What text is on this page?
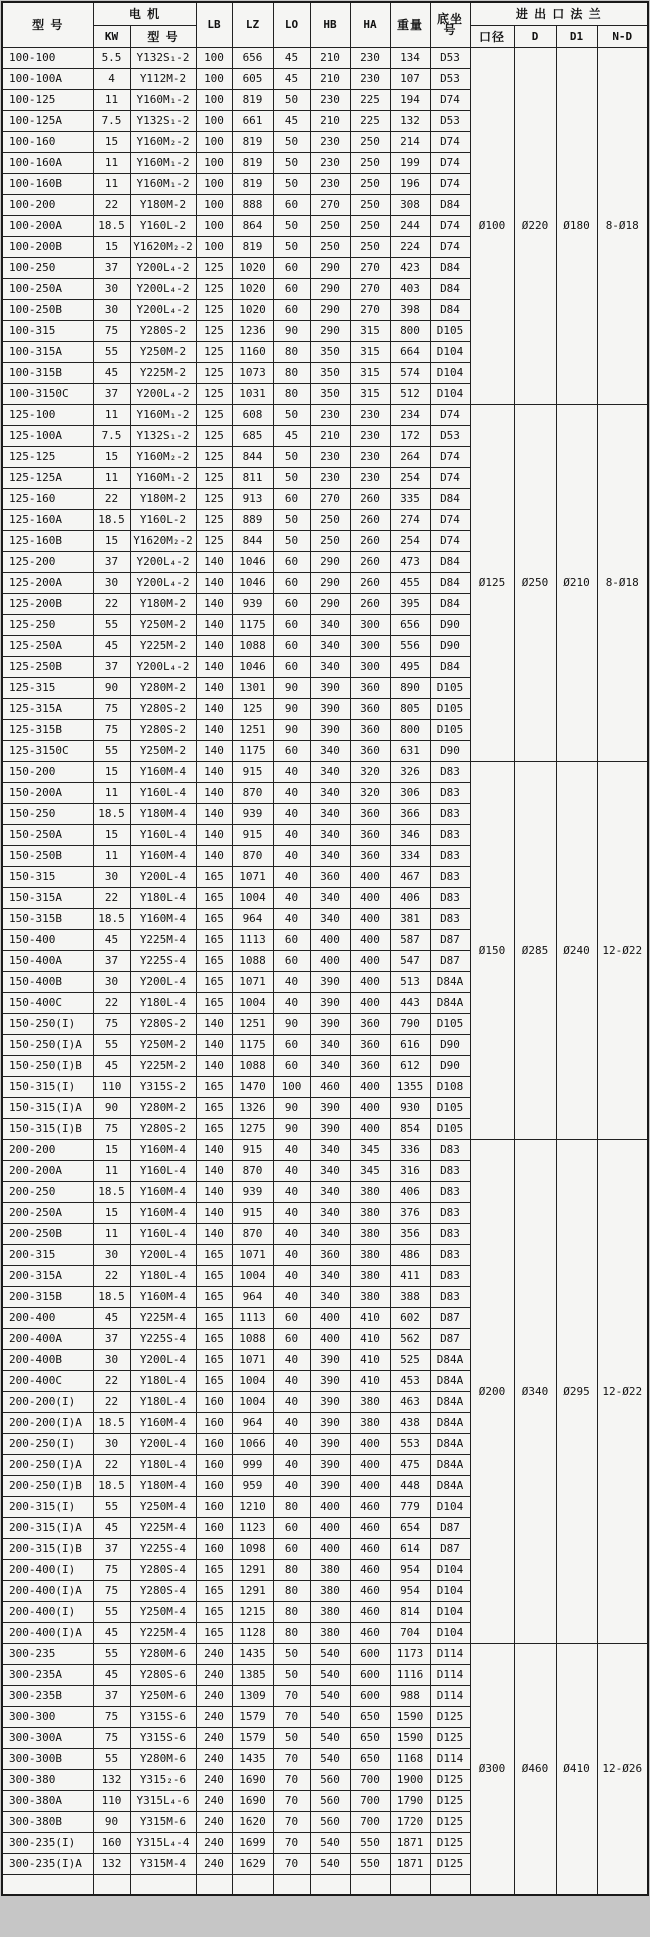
型 号	电 机		LB	LZ	LO	HB	HA	重量	底坐
号	进 出 口 法 兰			
	KW	型 号								口径	D	D1	N-D
100-100	5.5	Y132S₁-2	100	656	45	210	230	134	D53	Ø100	Ø220	Ø180	8-Ø18
100-100A	4	Y112M-2	100	605	45	210	230	107	D53				
100-125	11	Y160M₁-2	100	819	50	230	225	194	D74				
100-125A	7.5	Y132S₁-2	100	661	45	210	225	132	D53				
100-160	15	Y160M₂-2	100	819	50	230	250	214	D74				
100-160A	11	Y160M₁-2	100	819	50	230	250	199	D74				
100-160B	11	Y160M₁-2	100	819	50	230	250	196	D74				
100-200	22	Y180M-2	100	888	60	270	250	308	D84				
100-200A	18.5	Y160L-2	100	864	50	250	250	244	D74				
100-200B	15	Y1620M₂-2	100	819	50	250	250	224	D74				
100-250	37	Y200L₄-2	125	1020	60	290	270	423	D84				
100-250A	30	Y200L₄-2	125	1020	60	290	270	403	D84				
100-250B	30	Y200L₄-2	125	1020	60	290	270	398	D84				
100-315	75	Y280S-2	125	1236	90	290	315	800	D105				
100-315A	55	Y250M-2	125	1160	80	350	315	664	D104				
100-315B	45	Y225M-2	125	1073	80	350	315	574	D104				
100-3150C	37	Y200L₄-2	125	1031	80	350	315	512	D104				
125-100	11	Y160M₁-2	125	608	50	230	230	234	D74	Ø125	Ø250	Ø210	8-Ø18
125-100A	7.5	Y132S₁-2	125	685	45	210	230	172	D53				
125-125	15	Y160M₂-2	125	844	50	230	230	264	D74				
125-125A	11	Y160M₁-2	125	811	50	230	230	254	D74				
125-160	22	Y180M-2	125	913	60	270	260	335	D84				
125-160A	18.5	Y160L-2	125	889	50	250	260	274	D74				
125-160B	15	Y1620M₂-2	125	844	50	250	260	254	D74				
125-200	37	Y200L₄-2	140	1046	60	290	260	473	D84				
125-200A	30	Y200L₄-2	140	1046	60	290	260	455	D84				
125-200B	22	Y180M-2	140	939	60	290	260	395	D84				
125-250	55	Y250M-2	140	1175	60	340	300	656	D90				
125-250A	45	Y225M-2	140	1088	60	340	300	556	D90				
125-250B	37	Y200L₄-2	140	1046	60	340	300	495	D84				
125-315	90	Y280M-2	140	1301	90	390	360	890	D105				
125-315A	75	Y280S-2	140	125	90	390	360	805	D105				
125-315B	75	Y280S-2	140	1251	90	390	360	800	D105				
125-3150C	55	Y250M-2	140	1175	60	340	360	631	D90				
150-200	15	Y160M-4	140	915	40	340	320	326	D83	Ø150	Ø285	Ø240	12-Ø22
150-200A	11	Y160L-4	140	870	40	340	320	306	D83				
150-250	18.5	Y180M-4	140	939	40	340	360	366	D83				
150-250A	15	Y160L-4	140	915	40	340	360	346	D83				
150-250B	11	Y160M-4	140	870	40	340	360	334	D83				
150-315	30	Y200L-4	165	1071	40	360	400	467	D83				
150-315A	22	Y180L-4	165	1004	40	340	400	406	D83				
150-315B	18.5	Y160M-4	165	964	40	340	400	381	D83				
150-400	45	Y225M-4	165	1113	60	400	400	587	D87				
150-400A	37	Y225S-4	165	1088	60	400	400	547	D87				
150-400B	30	Y200L-4	165	1071	40	390	400	513	D84A				
150-400C	22	Y180L-4	165	1004	40	390	400	443	D84A				
150-250(I)	75	Y280S-2	140	1251	90	390	360	790	D105				
150-250(I)A	55	Y250M-2	140	1175	60	340	360	616	D90				
150-250(I)B	45	Y225M-2	140	1088	60	340	360	612	D90				
150-315(I)	110	Y315S-2	165	1470	100	460	400	1355	D108				
150-315(I)A	90	Y280M-2	165	1326	90	390	400	930	D105				
150-315(I)B	75	Y280S-2	165	1275	90	390	400	854	D105				
200-200	15	Y160M-4	140	915	40	340	345	336	D83	Ø200	Ø340	Ø295	12-Ø22
200-200A	11	Y160L-4	140	870	40	340	345	316	D83				
200-250	18.5	Y160M-4	140	939	40	340	380	406	D83				
200-250A	15	Y160M-4	140	915	40	340	380	376	D83				
200-250B	11	Y160L-4	140	870	40	340	380	356	D83				
200-315	30	Y200L-4	165	1071	40	360	380	486	D83				
200-315A	22	Y180L-4	165	1004	40	340	380	411	D83				
200-315B	18.5	Y160M-4	165	964	40	340	380	388	D83				
200-400	45	Y225M-4	165	1113	60	400	410	602	D87				
200-400A	37	Y225S-4	165	1088	60	400	410	562	D87				
200-400B	30	Y200L-4	165	1071	40	390	410	525	D84A				
200-400C	22	Y180L-4	165	1004	40	390	410	453	D84A				
200-200(I)	22	Y180L-4	160	1004	40	390	380	463	D84A				
200-200(I)A	18.5	Y160M-4	160	964	40	390	380	438	D84A				
200-250(I)	30	Y200L-4	160	1066	40	390	400	553	D84A				
200-250(I)A	22	Y180L-4	160	999	40	390	400	475	D84A				
200-250(I)B	18.5	Y180M-4	160	959	40	390	400	448	D84A				
200-315(I)	55	Y250M-4	160	1210	80	400	460	779	D104				
200-315(I)A	45	Y225M-4	160	1123	60	400	460	654	D87				
200-315(I)B	37	Y225S-4	160	1098	60	400	460	614	D87				
200-400(I)	75	Y280S-4	165	1291	80	380	460	954	D104				
200-400(I)A	75	Y280S-4	165	1291	80	380	460	954	D104				
200-400(I)	55	Y250M-4	165	1215	80	380	460	814	D104				
200-400(I)A	45	Y225M-4	165	1128	80	380	460	704	D104				
300-235	55	Y280M-6	240	1435	50	540	600	1173	D114	Ø300	Ø460	Ø410	12-Ø26
300-235A	45	Y280S-6	240	1385	50	540	600	1116	D114				
300-235B	37	Y250M-6	240	1309	70	540	600	988	D114				
300-300	75	Y315S-6	240	1579	70	540	650	1590	D125				
300-300A	75	Y315S-6	240	1579	50	540	650	1590	D125				
300-300B	55	Y280M-6	240	1435	70	540	650	1168	D114				
300-380	132	Y315₂-6	240	1690	70	560	700	1900	D125				
300-380A	110	Y315L₄-6	240	1690	70	560	700	1790	D125				
300-380B	90	Y315M-6	240	1620	70	560	700	1720	D125				
300-235(I)	160	Y315L₄-4	240	1699	70	540	550	1871	D125				
300-235(I)A	132	Y315M-4	240	1629	70	540	550	1871	D125				
